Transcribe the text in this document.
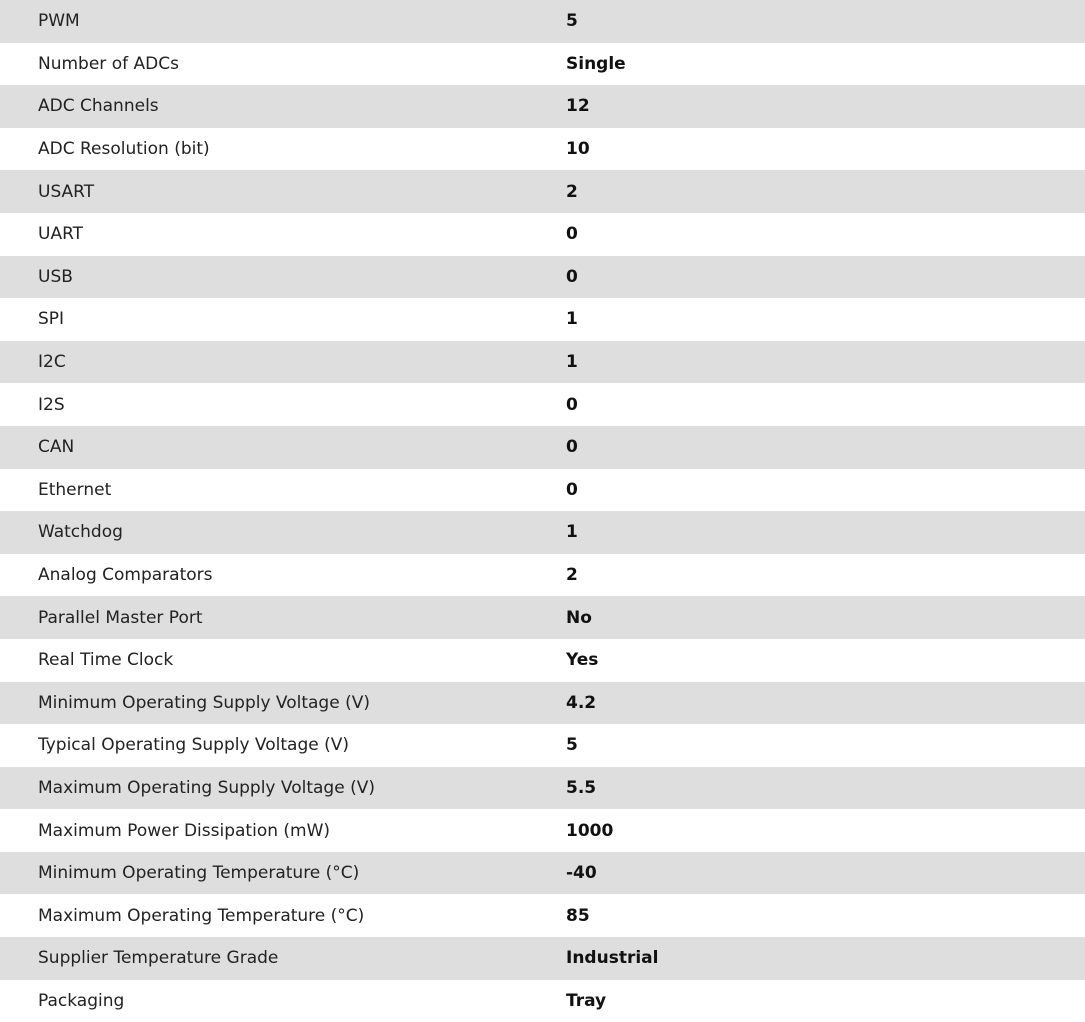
PWM	5
Number of ADCs	Single
ADC Channels	12
ADC Resolution (bit)	10
USART	2
UART	0
USB	0
SPI	1
I2C	1
I2S	0
CAN	0
Ethernet	0
Watchdog	1
Analog Comparators	2
Parallel Master Port	No
Real Time Clock	Yes
Minimum Operating Supply Voltage (V)	4.2
Typical Operating Supply Voltage (V)	5
Maximum Operating Supply Voltage (V)	5.5
Maximum Power Dissipation (mW)	1000
Minimum Operating Temperature (°C)	-40
Maximum Operating Temperature (°C)	85
Supplier Temperature Grade	Industrial
Packaging	Tray
